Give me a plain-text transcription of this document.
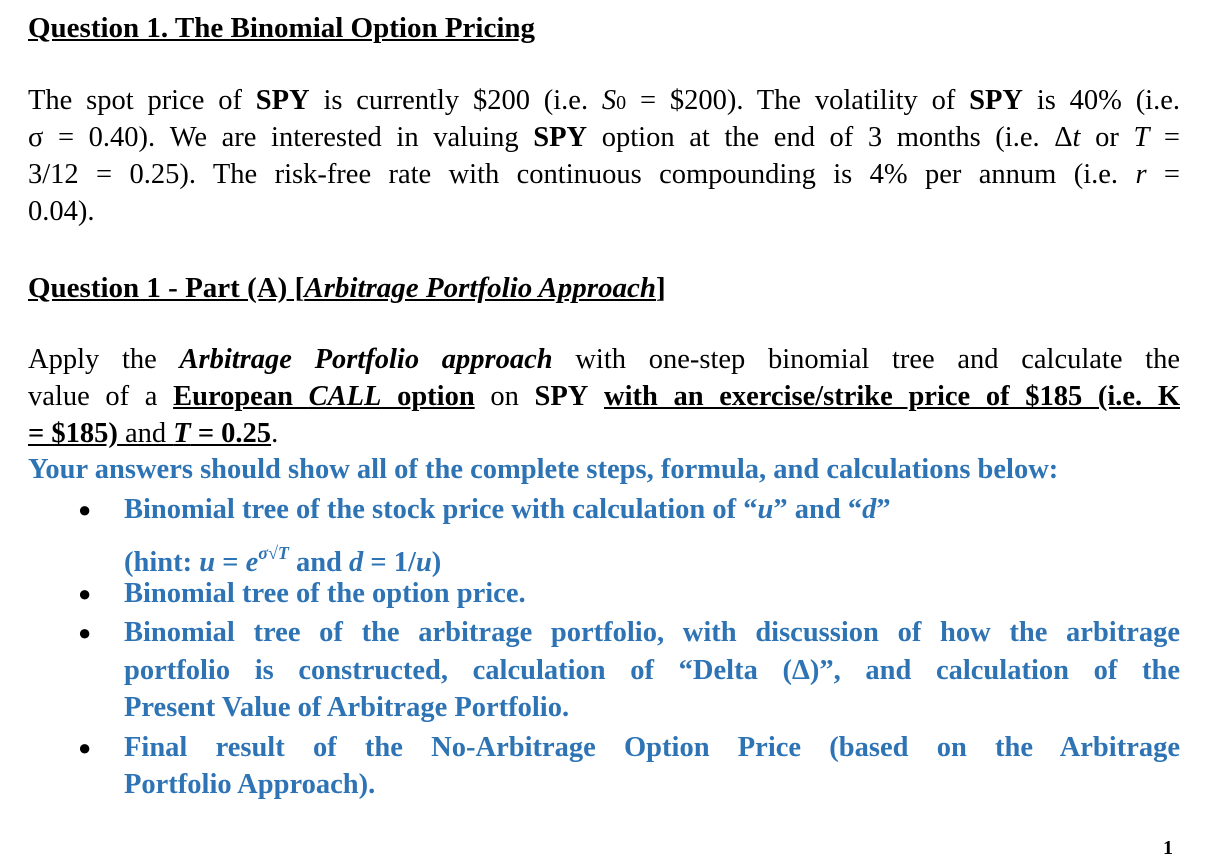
Question 1. The Binomial Option Pricing
The spot price of SPY is currently $200 (i.e. S0 = $200). The volatility of SPY is 40% (i.e.
σ = 0.40). We are interested in valuing SPY option at the end of 3 months (i.e. Δt or T =
3/12 = 0.25). The risk-free rate with continuous compounding is 4% per annum (i.e. r =
0.04).
Question 1 - Part (A) [Arbitrage Portfolio Approach]
Apply the Arbitrage Portfolio approach with one-step binomial tree and calculate the
value of a European CALL option on SPY with an exercise/strike price of $185 (i.e. K
= $185) and T = 0.25.
Your answers should show all of the complete steps, formula, and calculations below:
● Binomial tree of the stock price with calculation of “u” and “d”
(hint: $u = e^{\sigma√T}$ and d = 1/u)
● Binomial tree of the option price.
● Binomial tree of the arbitrage portfolio, with discussion of how the arbitrage
portfolio is constructed, calculation of “Delta (Δ)”, and calculation of the
Present Value of Arbitrage Portfolio.
● Final result of the No-Arbitrage Option Price (based on the Arbitrage
Portfolio Approach).
1
